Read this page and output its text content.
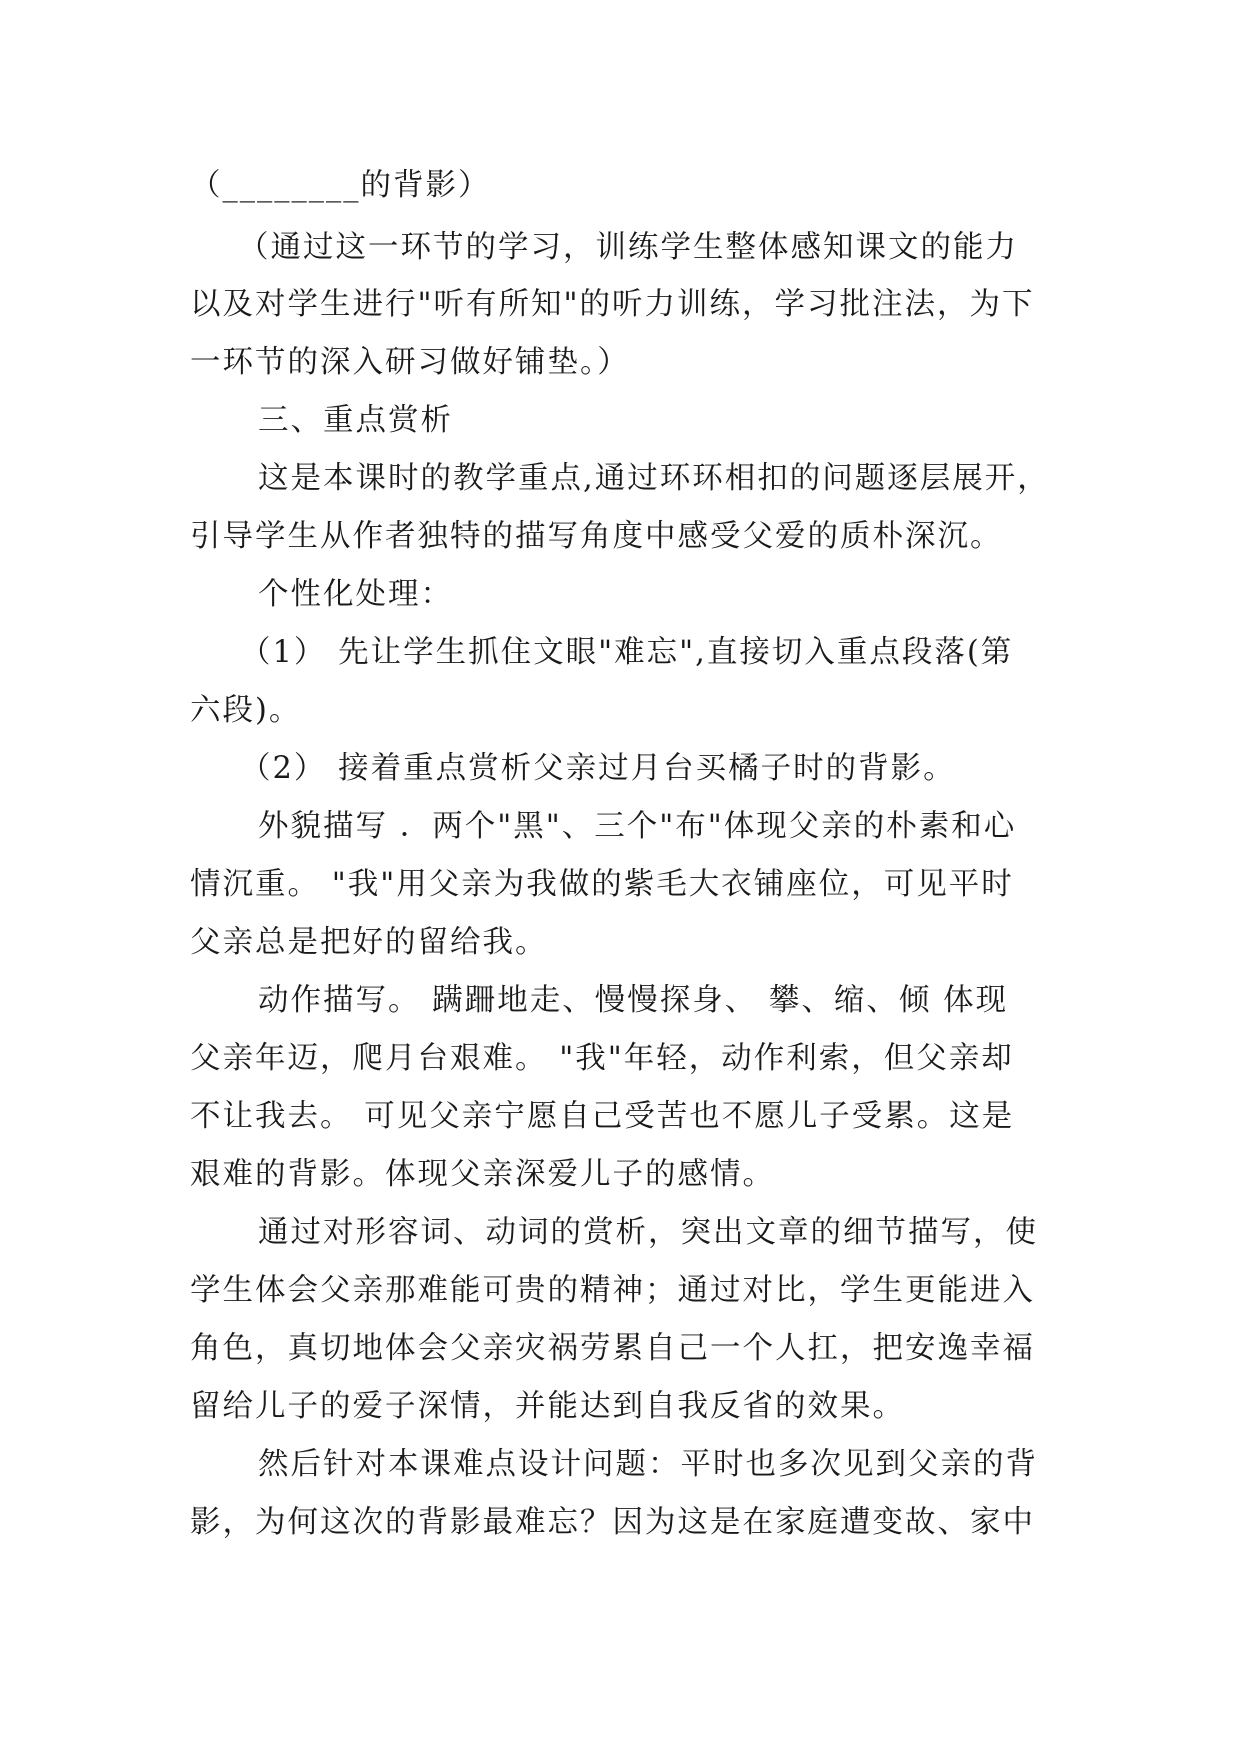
（________的背影）
（通过这一环节的学习，训练学生整体感知课文的能力
以及对学生进行"听有所知"的听力训练，学习批注法，为下
一环节的深入研习做好铺垫。）
三、重点赏析
这是本课时的教学重点,通过环环相扣的问题逐层展开，
引导学生从作者独特的描写角度中感受父爱的质朴深沉。
个性化处理：
（1） 先让学生抓住文眼"难忘",直接切入重点段落(第
六段)。
（2） 接着重点赏析父亲过月台买橘子时的背影。
外貌描写 ．两个"黑"、三个"布"体现父亲的朴素和心
情沉重。 "我"用父亲为我做的紫毛大衣铺座位，可见平时
父亲总是把好的留给我。
动作描写。 蹒跚地走、慢慢探身、 攀、缩、倾 体现
父亲年迈，爬月台艰难。 "我"年轻，动作利索，但父亲却
不让我去。 可见父亲宁愿自己受苦也不愿儿子受累。这是
艰难的背影。体现父亲深爱儿子的感情。
通过对形容词、动词的赏析，突出文章的细节描写，使
学生体会父亲那难能可贵的精神；通过对比，学生更能进入
角色，真切地体会父亲灾祸劳累自己一个人扛，把安逸幸福
留给儿子的爱子深情，并能达到自我反省的效果。
然后针对本课难点设计问题：平时也多次见到父亲的背
影，为何这次的背影最难忘？因为这是在家庭遭变故、家中
